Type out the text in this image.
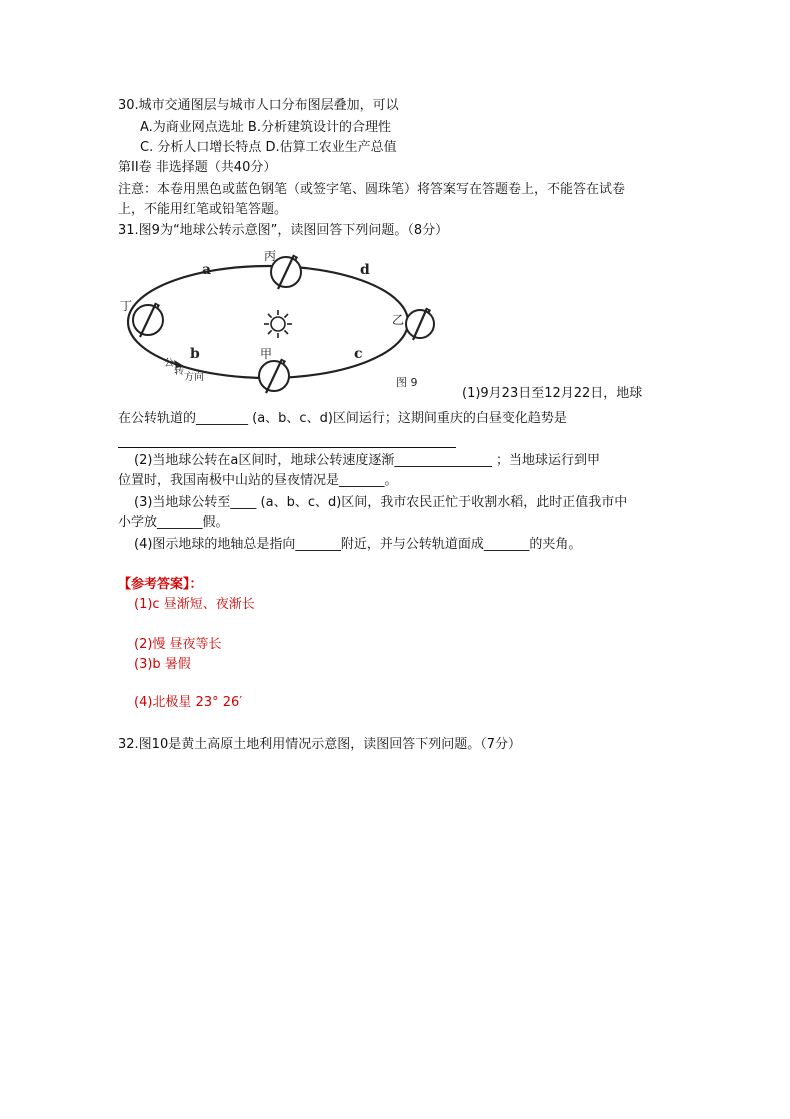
30.城市交通图层与城市人口分布图层叠加，可以
A.为商业网点选址 B.分析建筑设计的合理性
C. 分析人口增长特点 D.估算工农业生产总值
第II卷 非选择题（共40分）
注意：本卷用黑色或蓝色钢笔（或签字笔、圆珠笔）将答案写在答题卷上，不能答在试卷
上，不能用红笔或铅笔答题。
31.图9为“地球公转示意图”，读图回答下列问题。（8分）
a	d
b	c
丙
丁
乙
甲
公
转
方向	图 9
(1)9月23日至12月22日，地球
在公转轨道的________ (a、b、c、d)区间运行；这期间重庆的白昼变化趋势是
(2)当地球公转在a区间时，地球公转速度逐渐_______________ ；当地球运行到甲
位置时，我国南极中山站的昼夜情况是_______。
(3)当地球公转至____ (a、b、c、d)区间，我市农民正忙于收割水稻，此时正值我市中
小学放_______假。
(4)图示地球的地轴总是指向_______附近，并与公转轨道面成_______的夹角。
【参考答案】：
(1)c 昼渐短、夜渐长
(2)慢 昼夜等长
(3)b 暑假
(4)北极星 23° 26′
32.图10是黄土高原土地利用情况示意图，读图回答下列问题。（7分）
